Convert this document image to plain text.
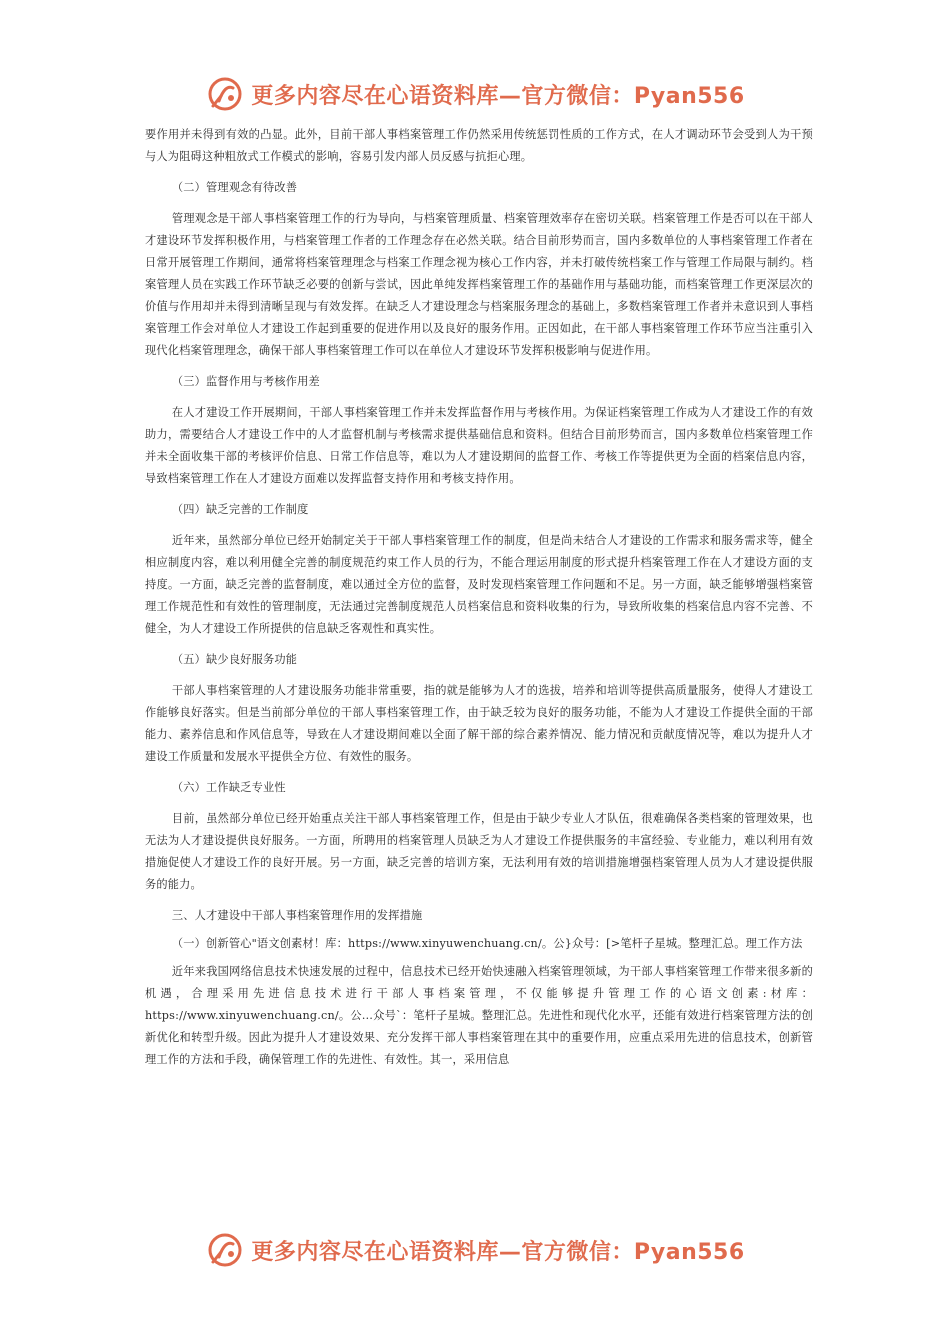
更多内容尽在心语资料库—官方微信：Pyan556

要作用并未得到有效的凸显。此外，目前干部人事档案管理工作仍然采用传统惩罚性质的工作方式，在人才调动环节会受到人为干预与人为阻碍这种粗放式工作模式的影响，容易引发内部人员反感与抗拒心理。

（二）管理观念有待改善

管理观念是干部人事档案管理工作的行为导向，与档案管理质量、档案管理效率存在密切关联。档案管理工作是否可以在干部人才建设环节发挥积极作用，与档案管理工作者的工作理念存在必然关联。结合目前形势而言，国内多数单位的人事档案管理工作者在日常开展管理工作期间，通常将档案管理理念与档案工作理念视为核心工作内容，并未打破传统档案工作与管理工作局限与制约。档案管理人员在实践工作环节缺乏必要的创新与尝试，因此单纯发挥档案管理工作的基础作用与基础功能，而档案管理工作更深层次的价值与作用却并未得到清晰呈现与有效发挥。在缺乏人才建设理念与档案服务理念的基础上，多数档案管理工作者并未意识到人事档案管理工作会对单位人才建设工作起到重要的促进作用以及良好的服务作用。正因如此，在干部人事档案管理工作环节应当注重引入现代化档案管理理念，确保干部人事档案管理工作可以在单位人才建设环节发挥积极影响与促进作用。

（三）监督作用与考核作用差

在人才建设工作开展期间，干部人事档案管理工作并未发挥监督作用与考核作用。为保证档案管理工作成为人才建设工作的有效助力，需要结合人才建设工作中的人才监督机制与考核需求提供基础信息和资料。但结合目前形势而言，国内多数单位档案管理工作并未全面收集干部的考核评价信息、日常工作信息等，难以为人才建设期间的监督工作、考核工作等提供更为全面的档案信息内容，导致档案管理工作在人才建设方面难以发挥监督支持作用和考核支持作用。

（四）缺乏完善的工作制度

近年来，虽然部分单位已经开始制定关于干部人事档案管理工作的制度，但是尚未结合人才建设的工作需求和服务需求等，健全相应制度内容，难以利用健全完善的制度规范约束工作人员的行为，不能合理运用制度的形式提升档案管理工作在人才建设方面的支持度。一方面，缺乏完善的监督制度，难以通过全方位的监督，及时发现档案管理工作问题和不足。另一方面，缺乏能够增强档案管理工作规范性和有效性的管理制度，无法通过完善制度规范人员档案信息和资料收集的行为，导致所收集的档案信息内容不完善、不健全，为人才建设工作所提供的信息缺乏客观性和真实性。

（五）缺少良好服务功能

干部人事档案管理的人才建设服务功能非常重要，指的就是能够为人才的选拔，培养和培训等提供高质量服务，使得人才建设工作能够良好落实。但是当前部分单位的干部人事档案管理工作，由于缺乏较为良好的服务功能，不能为人才建设工作提供全面的干部能力、素养信息和作风信息等，导致在人才建设期间难以全面了解干部的综合素养情况、能力情况和贡献度情况等，难以为提升人才建设工作质量和发展水平提供全方位、有效性的服务。

（六）工作缺乏专业性

目前，虽然部分单位已经开始重点关注干部人事档案管理工作，但是由于缺少专业人才队伍，很难确保各类档案的管理效果，也无法为人才建设提供良好服务。一方面，所聘用的档案管理人员缺乏为人才建设工作提供服务的丰富经验、专业能力，难以利用有效措施促使人才建设工作的良好开展。另一方面，缺乏完善的培训方案，无法利用有效的培训措施增强档案管理人员为人才建设提供服务的能力。

三、人才建设中干部人事档案管理作用的发挥措施

（一）创新管心"语文创素材！库：https://www.xinyuwenchuang.cn/。公}众号：[>笔杆子星城。整理汇总。理工作方法

近年来我国网络信息技术快速发展的过程中，信息技术已经开始快速融入档案管理领域，为干部人事档案管理工作带来很多新的机遇，合理采用先进信息技术进行干部人事档案管理，不仅能够提升管理工作的心语文创素:材库：https://www.xinyuwenchuang.cn/。公…众号`：笔杆子星城。整理汇总。先进性和现代化水平，还能有效进行档案管理方法的创新优化和转型升级。因此为提升人才建设效果、充分发挥干部人事档案管理在其中的重要作用，应重点采用先进的信息技术，创新管理工作的方法和手段，确保管理工作的先进性、有效性。其一，采用信息

更多内容尽在心语资料库—官方微信：Pyan556
